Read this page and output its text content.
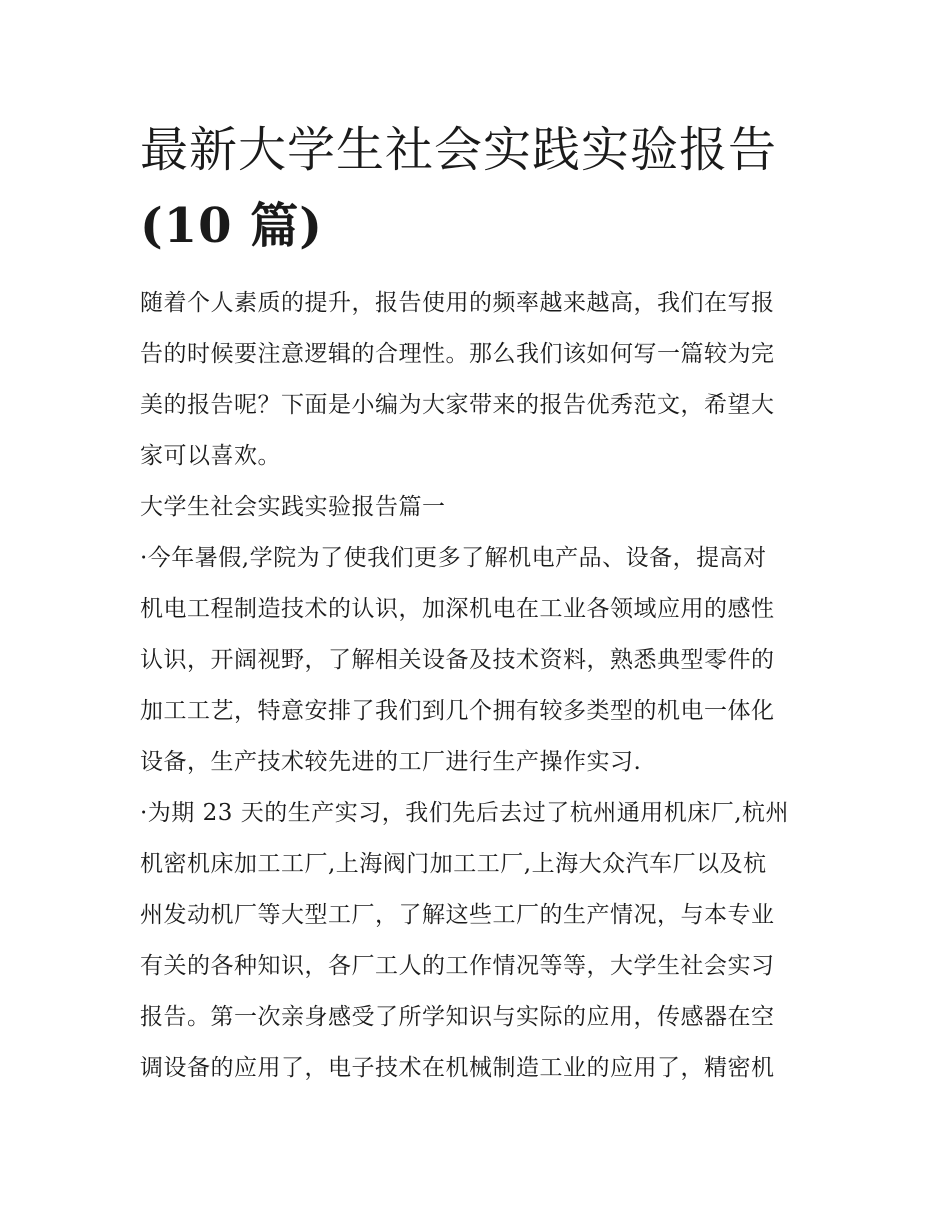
最新大学生社会实践实验报告
(10 篇)
随着个人素质的提升，报告使用的频率越来越高，我们在写报
告的时候要注意逻辑的合理性。那么我们该如何写一篇较为完
美的报告呢？下面是小编为大家带来的报告优秀范文，希望大
家可以喜欢。
大学生社会实践实验报告篇一
·今年暑假,学院为了使我们更多了解机电产品、设备，提高对
机电工程制造技术的认识，加深机电在工业各领域应用的感性
认识，开阔视野，了解相关设备及技术资料，熟悉典型零件的
加工工艺，特意安排了我们到几个拥有较多类型的机电一体化
设备，生产技术较先进的工厂进行生产操作实习.
·为期 23 天的生产实习，我们先后去过了杭州通用机床厂,杭州
机密机床加工工厂,上海阀门加工工厂,上海大众汽车厂以及杭
州发动机厂等大型工厂，了解这些工厂的生产情况，与本专业
有关的各种知识，各厂工人的工作情况等等，大学生社会实习
报告。第一次亲身感受了所学知识与实际的应用，传感器在空
调设备的应用了，电子技术在机械制造工业的应用了，精密机
